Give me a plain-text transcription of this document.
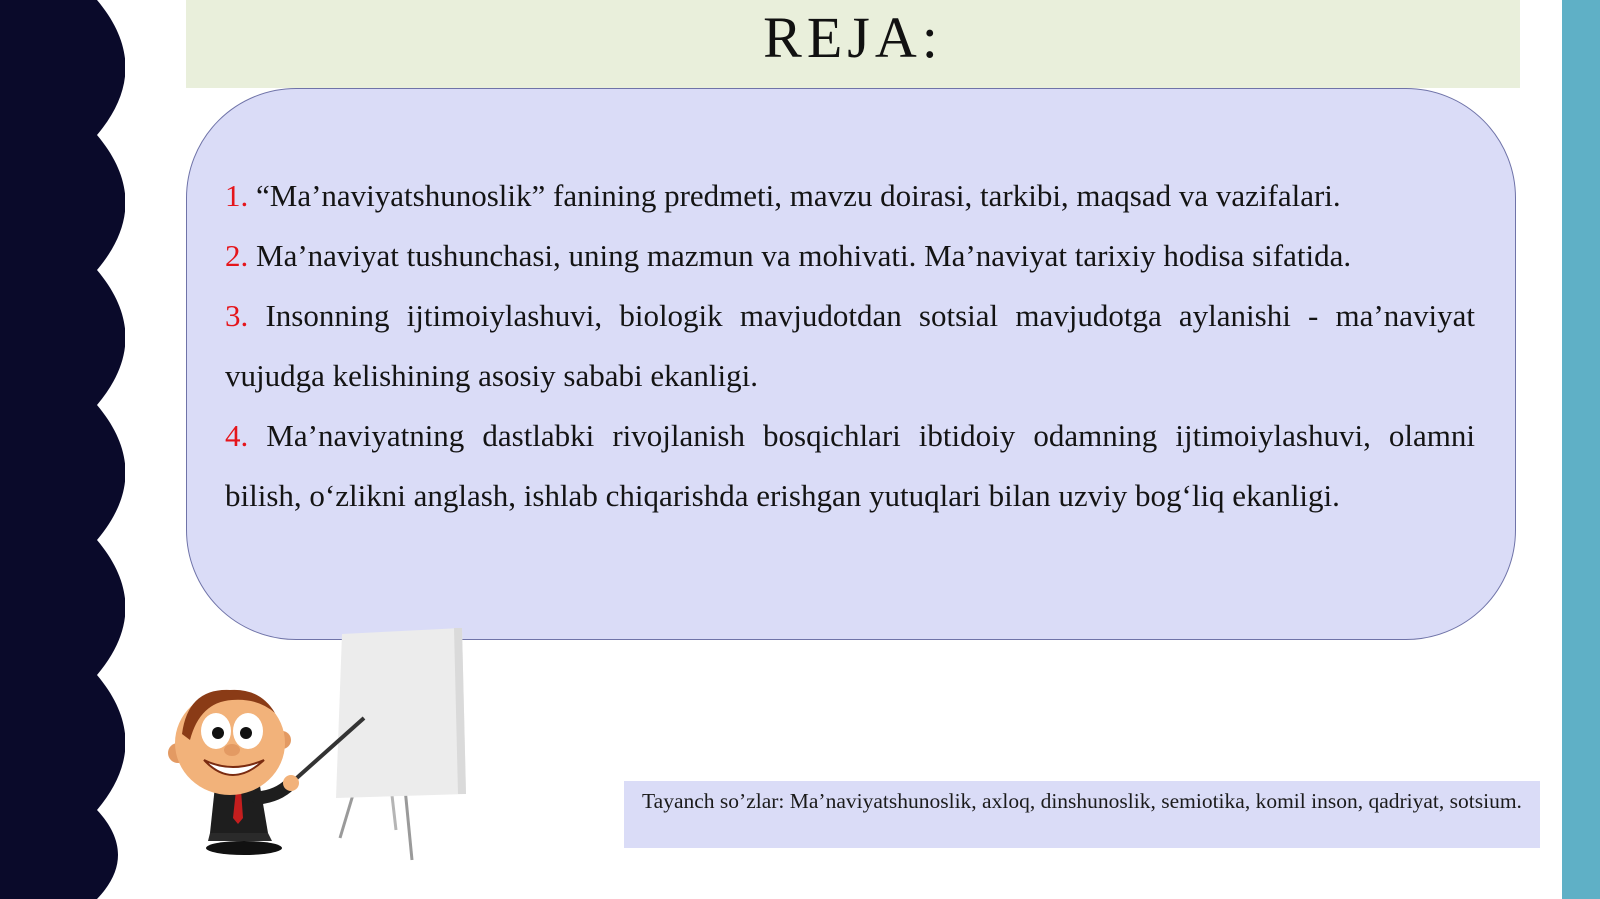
REJA:
1. “Ma’naviyatshunoslik” fanining predmeti, mavzu doirasi, tarkibi, maqsad va vazifalari.
2. Ma’naviyat tushunchasi, uning mazmun va mohivati. Ma’naviyat tarixiy hodisa sifatida.
3. Insonning ijtimoiylashuvi, biologik mavjudotdan sotsial mavjudotga aylanishi - ma’naviyat vujudga kelishining asosiy sababi ekanligi.
4. Ma’naviyatning dastlabki rivojlanish bosqichlari ibtidoiy odamning ijtimoiylashuvi, olamni bilish, o‘zlikni anglash, ishlab chiqarishda erishgan yutuqlari bilan uzviy bog‘liq ekanligi.
Tayanch so’zlar: Ma’naviyatshunoslik, axloq, dinshunoslik, semiotika, komil inson, qadriyat, sotsium.
